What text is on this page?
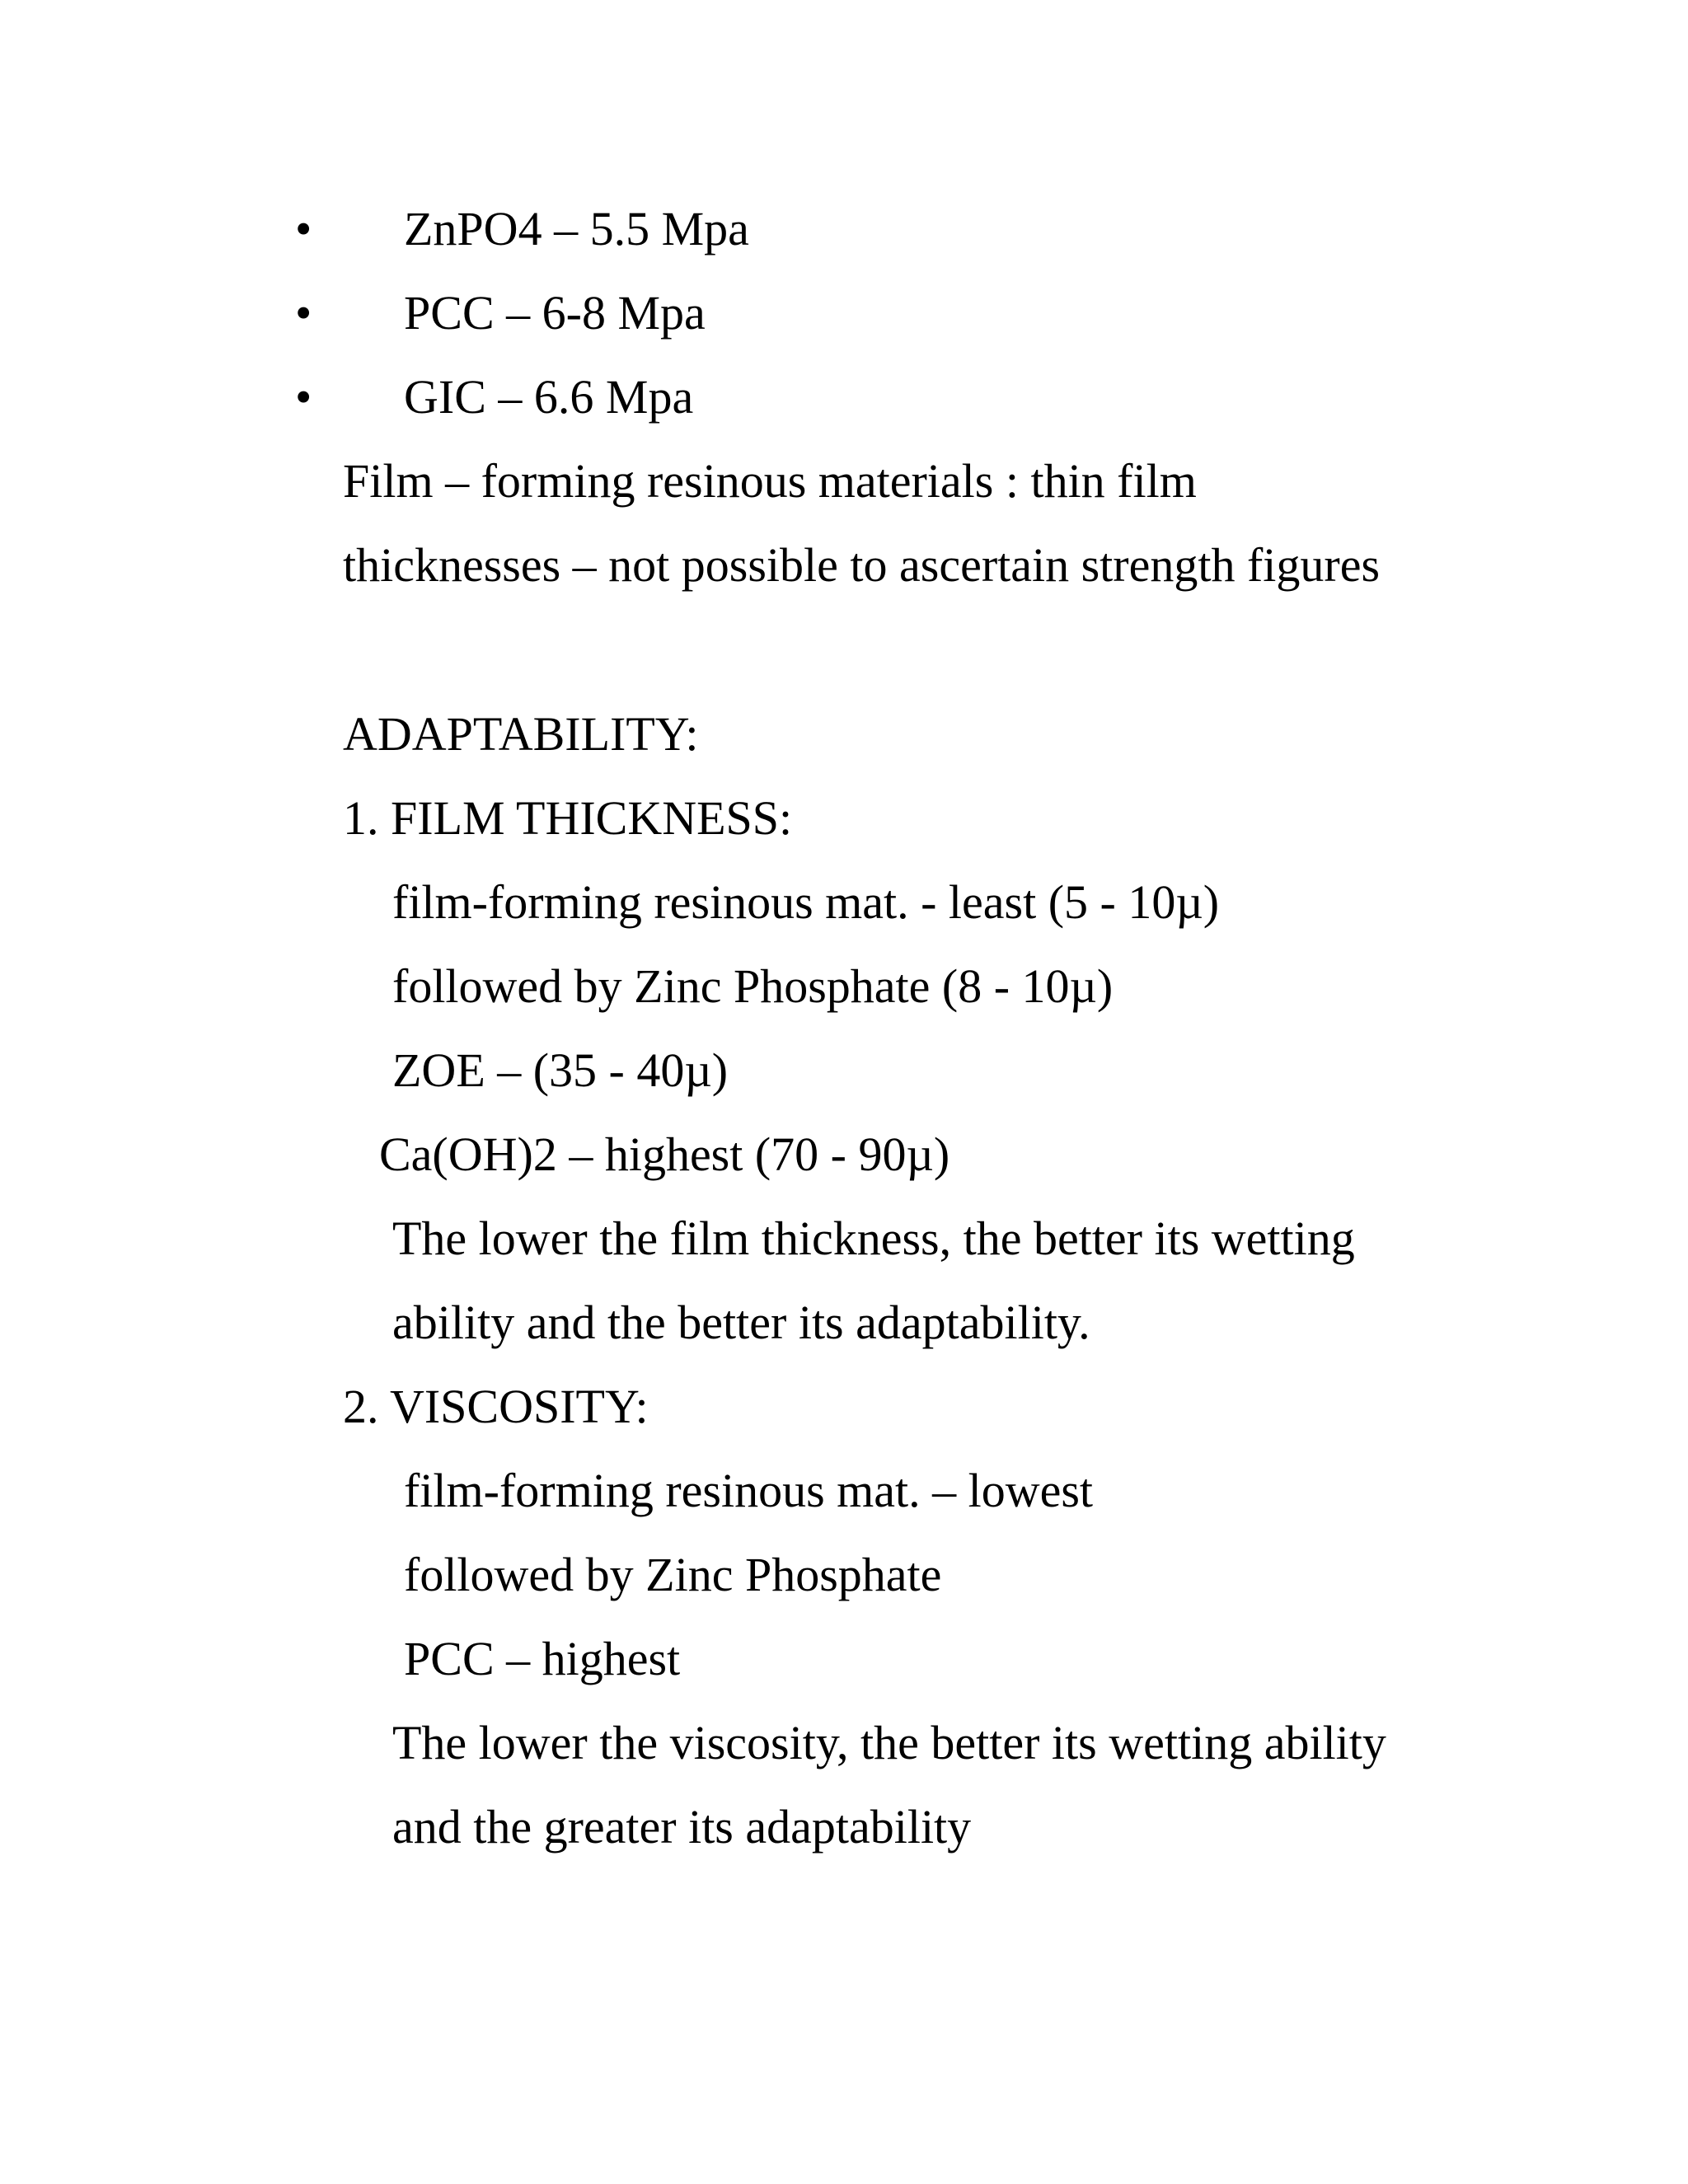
• ZnPO4 – 5.5 Mpa
• PCC – 6-8 Mpa
• GIC – 6.6 Mpa
Film – forming resinous materials : thin film
thicknesses – not possible to ascertain strength figures
ADAPTABILITY:
1. FILM THICKNESS:
film-forming resinous mat. - least (5 - 10µ)
followed by Zinc Phosphate (8 - 10µ)
ZOE – (35 - 40µ)
Ca(OH)2 – highest (70 - 90µ)
The lower the film thickness, the better its wetting
ability and the better its adaptability.
2. VISCOSITY:
film-forming resinous mat. – lowest
followed by Zinc Phosphate
PCC – highest
The lower the viscosity, the better its wetting ability
and the greater its adaptability
